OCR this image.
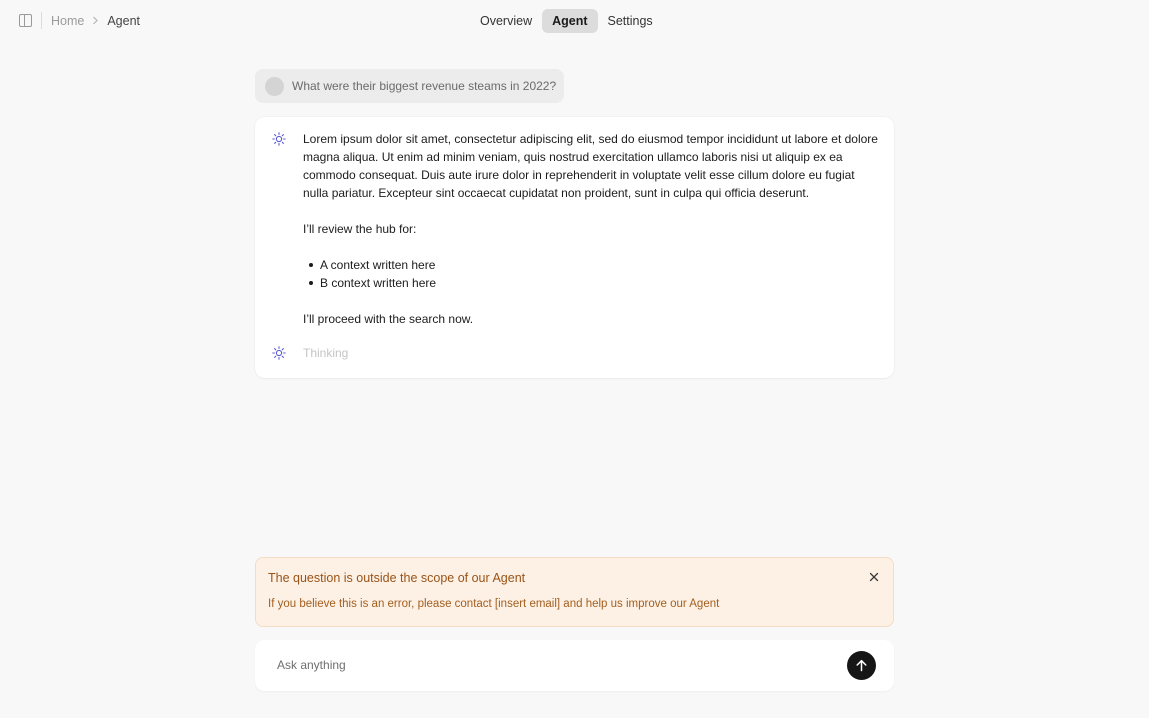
Home Agent	Overview	Agent	Settings
What were their biggest revenue steams in 2022?

Lorem ipsum dolor sit amet, consectetur adipiscing elit, sed do eiusmod tempor incididunt ut labore et dolore magna aliqua. Ut enim ad minim veniam, quis nostrud exercitation ullamco laboris nisi ut aliquip ex ea commodo consequat. Duis aute irure dolor in reprehenderit in voluptate velit esse cillum dolore eu fugiat nulla pariatur. Excepteur sint occaecat cupidatat non proident, sunt in culpa qui officia deserunt.

I’ll review the hub for:

A context written here
B context written here

I’ll proceed with the search now.

Thinking
The question is outside the scope of our Agent
If you believe this is an error, please contact [insert email] and help us improve our Agent
Ask anything
